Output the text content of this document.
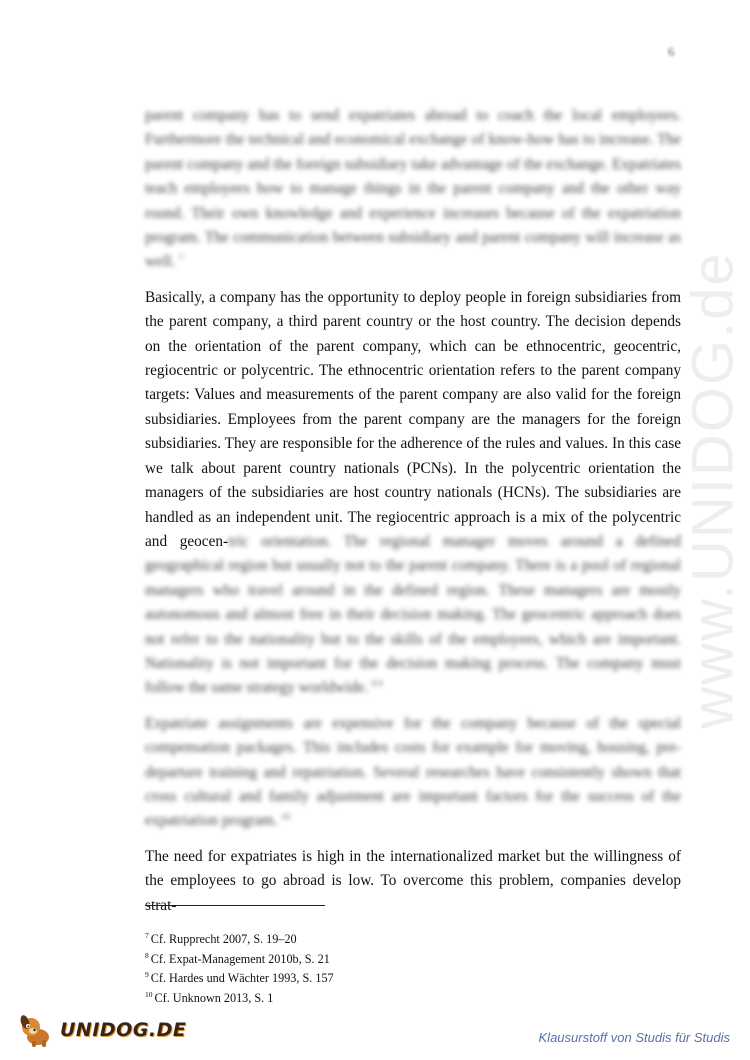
6
www.UNIDOG.de

parent company has to send expatriates abroad to coach the local employees. Furthermore the technical and economical exchange of know-how has to increase. The parent company and the foreign subsidiary take advantage of the exchange. Expatriates teach employees how to manage things in the parent company and the other way round. Their own knowledge and experience increases because of the expatriation program. The communication between subsidiary and parent company will increase as well. $^7$

Basically, a company has the opportunity to deploy people in foreign subsidiaries from the parent company, a third parent country or the host country. The decision depends on the orientation of the parent company, which can be ethnocentric, geocentric, regiocentric or polycentric. The ethnocentric orientation refers to the parent company targets: Values and measurements of the parent company are also valid for the foreign subsidiaries. Employees from the parent company are the managers for the foreign subsidiaries. They are responsible for the adherence of the rules and values. In this case we talk about parent country nationals (PCNs). In the polycentric orientation the managers of the subsidiaries are host country nationals (HCNs). The subsidiaries are handled as an independent unit. The regiocentric approach is a mix of the polycentric and geocen-tric orientation. The regional manager moves around a defined geographical region but usually not to the parent company. There is a pool of regional managers who travel around in the defined region. These managers are mostly autonomous and almost free in their decision making. The geocentric approach does not refer to the nationality but to the skills of the employees, which are important. Nationality is not important for the decision making process. The company must follow the same strategy worldwide. $^{8 9}$

Expatriate assignments are expensive for the company because of the special compensation packages. This includes costs for example for moving, housing, pre-departure training and repatriation. Several researches have consistently shown that cross cultural and family adjustment are important factors for the success of the expatriation program. $^{10}$

The need for expatriates is high in the internationalized market but the willingness of the employees to go abroad is low. To overcome this problem, companies develop strat-

$^7$ Cf. Rupprecht 2007, S. 19–20

$^8$ Cf. Expat-Management 2010b, S. 21

$^9$ Cf. Hardes und Wächter 1993, S. 157

$^{10}$ Cf. Unknown 2013, S. 1

UNIDOG.DE	Klausurstoff von Studis für Studis
